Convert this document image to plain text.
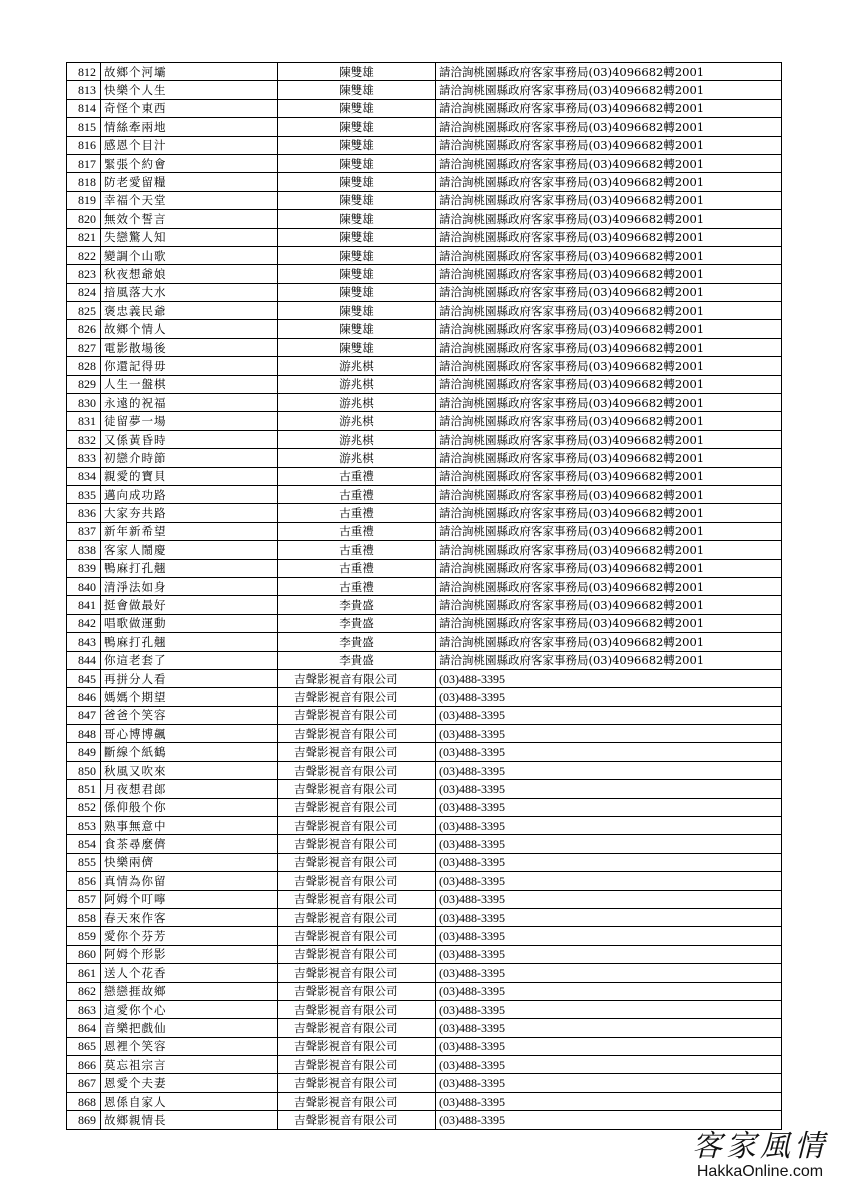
812	故鄉个河壩	陳雙雄	請洽詢桃園縣政府客家事務局(03)4096682轉2001
813	快樂个人生	陳雙雄	請洽詢桃園縣政府客家事務局(03)4096682轉2001
814	奇怪个東西	陳雙雄	請洽詢桃園縣政府客家事務局(03)4096682轉2001
815	情絲牽兩地	陳雙雄	請洽詢桃園縣政府客家事務局(03)4096682轉2001
816	感恩个目汁	陳雙雄	請洽詢桃園縣政府客家事務局(03)4096682轉2001
817	緊張个約會	陳雙雄	請洽詢桃園縣政府客家事務局(03)4096682轉2001
818	防老愛留糧	陳雙雄	請洽詢桃園縣政府客家事務局(03)4096682轉2001
819	幸福个天堂	陳雙雄	請洽詢桃園縣政府客家事務局(03)4096682轉2001
820	無效个誓言	陳雙雄	請洽詢桃園縣政府客家事務局(03)4096682轉2001
821	失戀驚人知	陳雙雄	請洽詢桃園縣政府客家事務局(03)4096682轉2001
822	變調个山歌	陳雙雄	請洽詢桃園縣政府客家事務局(03)4096682轉2001
823	秋夜想爺娘	陳雙雄	請洽詢桃園縣政府客家事務局(03)4096682轉2001
824	揞風落大水	陳雙雄	請洽詢桃園縣政府客家事務局(03)4096682轉2001
825	褒忠義民爺	陳雙雄	請洽詢桃園縣政府客家事務局(03)4096682轉2001
826	故鄉个情人	陳雙雄	請洽詢桃園縣政府客家事務局(03)4096682轉2001
827	電影散場後	陳雙雄	請洽詢桃園縣政府客家事務局(03)4096682轉2001
828	你還記得毋	游兆棋	請洽詢桃園縣政府客家事務局(03)4096682轉2001
829	人生一盤棋	游兆棋	請洽詢桃園縣政府客家事務局(03)4096682轉2001
830	永遠的祝福	游兆棋	請洽詢桃園縣政府客家事務局(03)4096682轉2001
831	徒留夢一場	游兆棋	請洽詢桃園縣政府客家事務局(03)4096682轉2001
832	又係黃昏時	游兆棋	請洽詢桃園縣政府客家事務局(03)4096682轉2001
833	初戀介時節	游兆棋	請洽詢桃園縣政府客家事務局(03)4096682轉2001
834	親愛的寶貝	古重禮	請洽詢桃園縣政府客家事務局(03)4096682轉2001
835	邁向成功路	古重禮	請洽詢桃園縣政府客家事務局(03)4096682轉2001
836	大家夯共路	古重禮	請洽詢桃園縣政府客家事務局(03)4096682轉2001
837	新年新希望	古重禮	請洽詢桃園縣政府客家事務局(03)4096682轉2001
838	客家人鬧慶	古重禮	請洽詢桃園縣政府客家事務局(03)4096682轉2001
839	鴨麻打孔翹	古重禮	請洽詢桃園縣政府客家事務局(03)4096682轉2001
840	清淨法如身	古重禮	請洽詢桃園縣政府客家事務局(03)4096682轉2001
841	挺會做最好	李貴盛	請洽詢桃園縣政府客家事務局(03)4096682轉2001
842	唱歌做運動	李貴盛	請洽詢桃園縣政府客家事務局(03)4096682轉2001
843	鴨麻打孔翹	李貴盛	請洽詢桃園縣政府客家事務局(03)4096682轉2001
844	你這老套了	李貴盛	請洽詢桃園縣政府客家事務局(03)4096682轉2001
845	再拼分人看	吉聲影視音有限公司	(03)488-3395
846	媽媽个期望	吉聲影視音有限公司	(03)488-3395
847	爸爸个笑容	吉聲影視音有限公司	(03)488-3395
848	哥心博博飆	吉聲影視音有限公司	(03)488-3395
849	斷線个紙鶴	吉聲影視音有限公司	(03)488-3395
850	秋風又吹來	吉聲影視音有限公司	(03)488-3395
851	月夜想君郎	吉聲影視音有限公司	(03)488-3395
852	係仰般个你	吉聲影視音有限公司	(03)488-3395
853	熟事無意中	吉聲影視音有限公司	(03)488-3395
854	食茶尋麼儕	吉聲影視音有限公司	(03)488-3395
855	快樂兩儕	吉聲影視音有限公司	(03)488-3395
856	真情為你留	吉聲影視音有限公司	(03)488-3395
857	阿姆个叮嚀	吉聲影視音有限公司	(03)488-3395
858	春天來作客	吉聲影視音有限公司	(03)488-3395
859	愛你个芬芳	吉聲影視音有限公司	(03)488-3395
860	阿姆个形影	吉聲影視音有限公司	(03)488-3395
861	送人个花香	吉聲影視音有限公司	(03)488-3395
862	戀戀捱故鄉	吉聲影視音有限公司	(03)488-3395
863	這愛你个心	吉聲影視音有限公司	(03)488-3395
864	音樂把戲仙	吉聲影視音有限公司	(03)488-3395
865	恩裡个笑容	吉聲影視音有限公司	(03)488-3395
866	莫忘祖宗言	吉聲影視音有限公司	(03)488-3395
867	恩愛个夫妻	吉聲影視音有限公司	(03)488-3395
868	恩係自家人	吉聲影視音有限公司	(03)488-3395
869	故鄉親情長	吉聲影視音有限公司	(03)488-3395
客家風情
HakkaOnline.com
